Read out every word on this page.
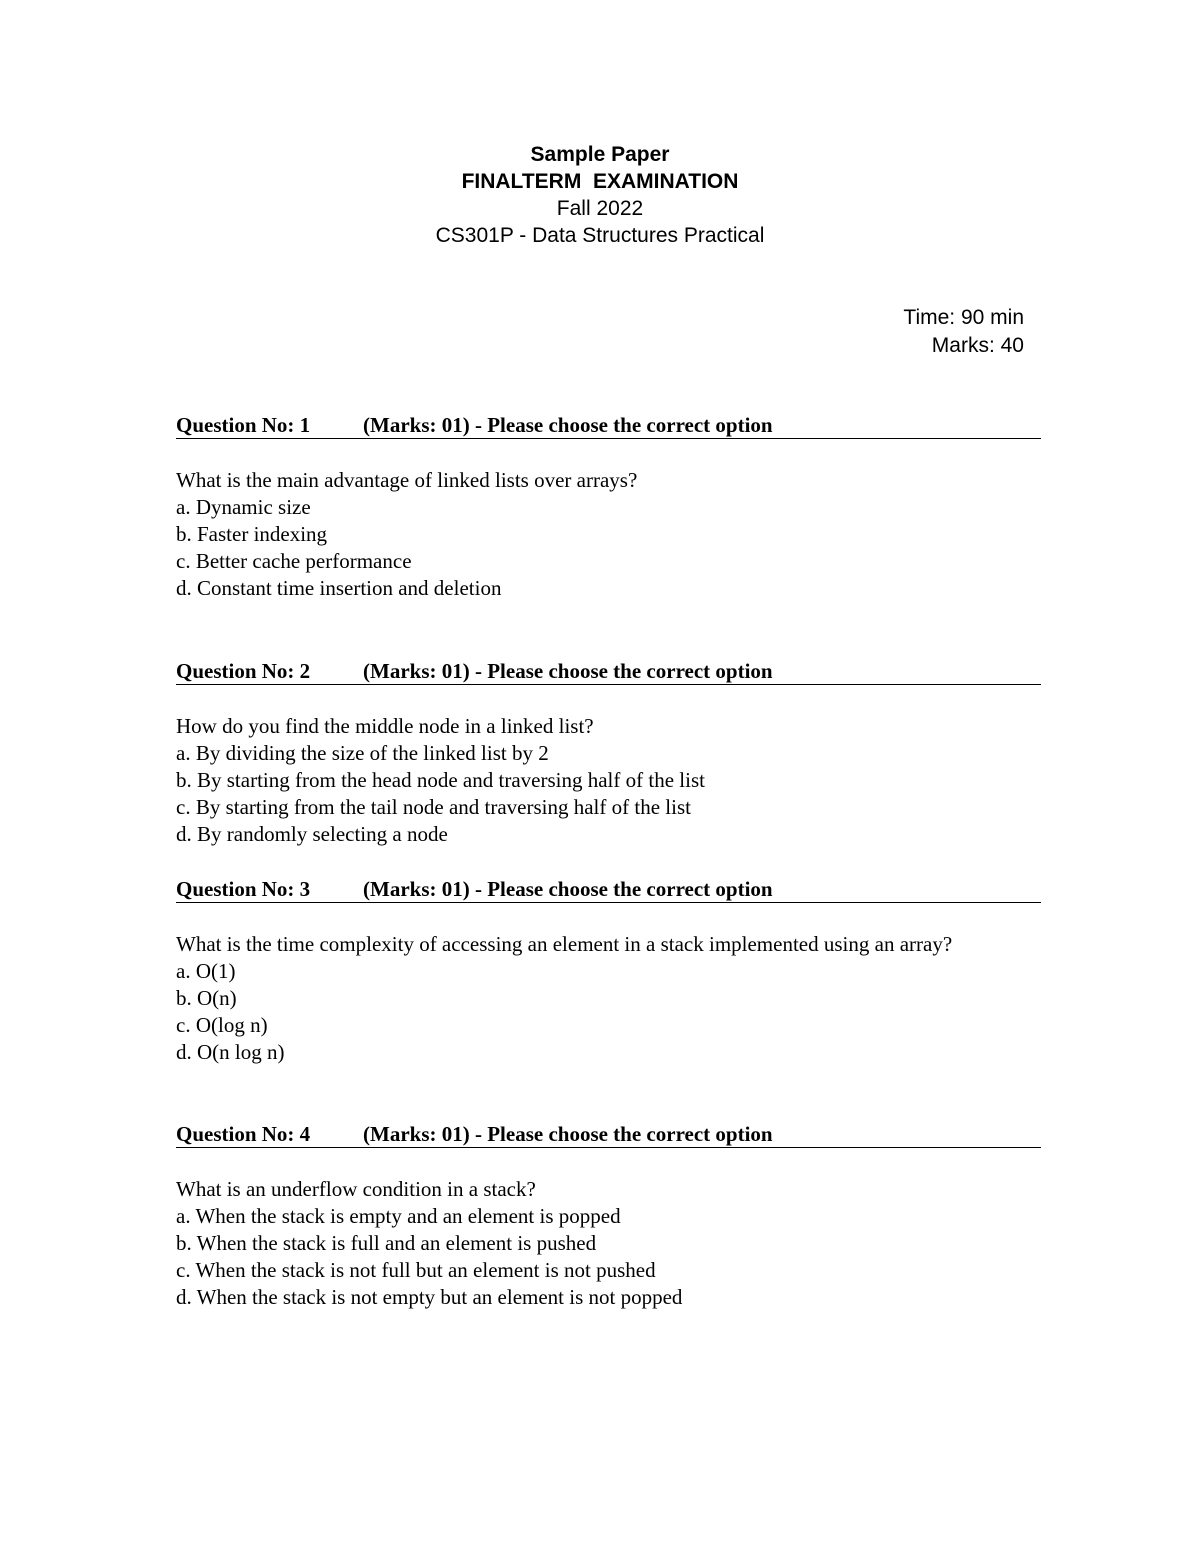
Sample Paper
FINALTERM  EXAMINATION
Fall 2022
CS301P - Data Structures Practical
Time: 90 min
Marks: 40
Question No: 1	(Marks: 01) - Please choose the correct option
What is the main advantage of linked lists over arrays?
a. Dynamic size
b. Faster indexing
c. Better cache performance
d. Constant time insertion and deletion
Question No: 2	(Marks: 01) - Please choose the correct option
How do you find the middle node in a linked list?
a. By dividing the size of the linked list by 2
b. By starting from the head node and traversing half of the list
c. By starting from the tail node and traversing half of the list
d. By randomly selecting a node
Question No: 3	(Marks: 01) - Please choose the correct option
What is the time complexity of accessing an element in a stack implemented using an array?
a. O(1)
b. O(n)
c. O(log n)
d. O(n log n)
Question No: 4	(Marks: 01) - Please choose the correct option
What is an underflow condition in a stack?
a. When the stack is empty and an element is popped
b. When the stack is full and an element is pushed
c. When the stack is not full but an element is not pushed
d. When the stack is not empty but an element is not popped
